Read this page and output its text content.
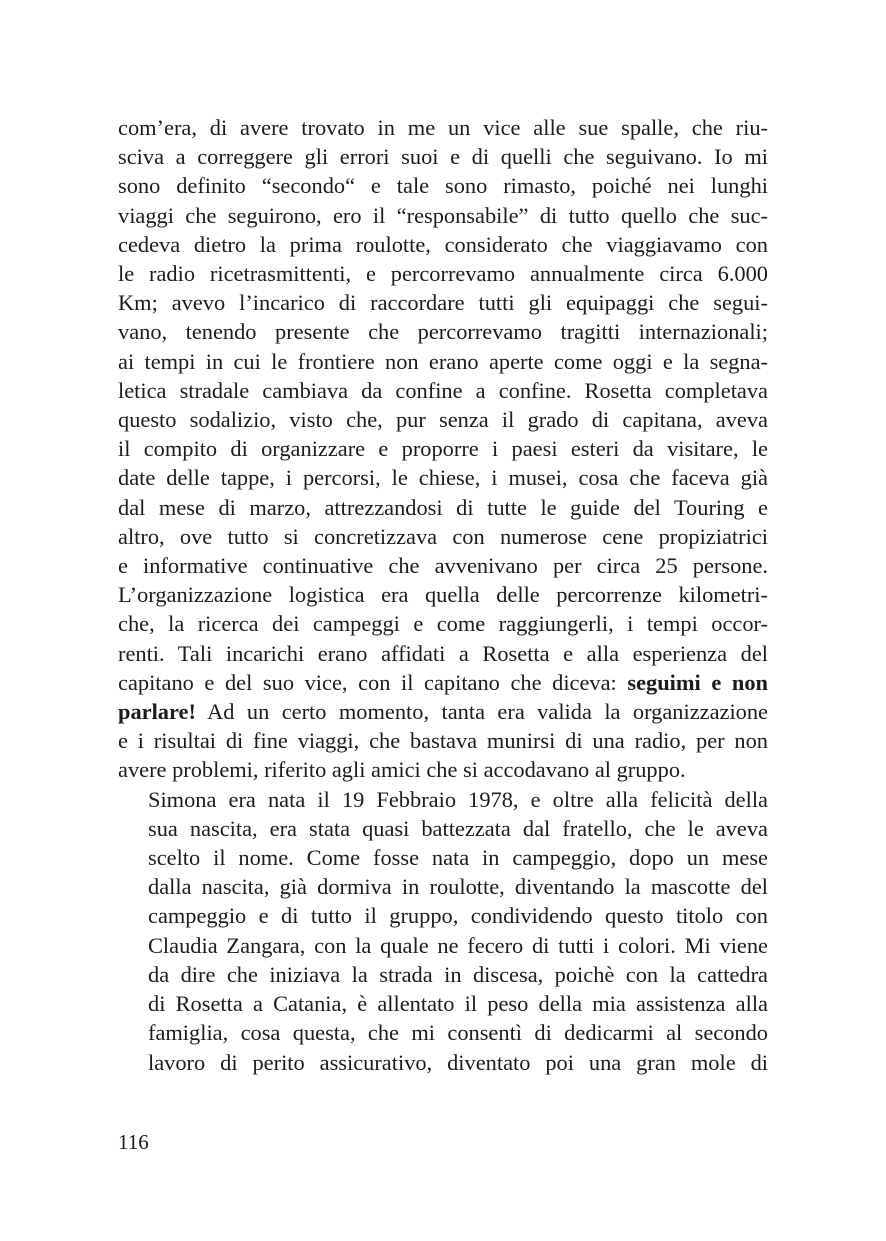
com’era, di avere trovato in me un vice alle sue spalle, che riu-
sciva a correggere gli errori suoi e di quelli che seguivano. Io mi
sono definito “secondo“ e tale sono rimasto, poiché nei lunghi
viaggi che seguirono, ero il “responsabile” di tutto quello che suc-
cedeva dietro la prima roulotte, considerato che viaggiavamo con
le radio ricetrasmittenti, e percorrevamo annualmente circa 6.000
Km; avevo l’incarico di raccordare tutti gli equipaggi che segui-
vano, tenendo presente che percorrevamo tragitti internazionali;
ai tempi in cui le frontiere non erano aperte come oggi e la segna-
letica stradale cambiava da confine a confine. Rosetta completava
questo sodalizio, visto che, pur senza il grado di capitana, aveva
il compito di organizzare e proporre i paesi esteri da visitare, le
date delle tappe, i percorsi, le chiese, i musei, cosa che faceva già
dal mese di marzo, attrezzandosi di tutte le guide del Touring e
altro, ove tutto si concretizzava con numerose cene propiziatrici
e informative continuative che avvenivano per circa 25 persone.
L’organizzazione logistica era quella delle percorrenze kilometri-
che, la ricerca dei campeggi e come raggiungerli, i tempi occor-
renti. Tali incarichi erano affidati a Rosetta e alla esperienza del
capitano e del suo vice, con il capitano che diceva: seguimi e non
parlare! Ad un certo momento, tanta era valida la organizzazione
e i risultai di fine viaggi, che bastava munirsi di una radio, per non
avere problemi, riferito agli amici che si accodavano al gruppo.

Simona era nata il 19 Febbraio 1978, e oltre alla felicità della
sua nascita, era stata quasi battezzata dal fratello, che le aveva
scelto il nome. Come fosse nata in campeggio, dopo un mese
dalla nascita, già dormiva in roulotte, diventando la mascotte del
campeggio e di tutto il gruppo, condividendo questo titolo con
Claudia Zangara, con la quale ne fecero di tutti i colori. Mi viene
da dire che iniziava la strada in discesa, poichè con la cattedra
di Rosetta a Catania, è allentato il peso della mia assistenza alla
famiglia, cosa questa, che mi consentì di dedicarmi al secondo
lavoro di perito assicurativo, diventato poi una gran mole di

116
